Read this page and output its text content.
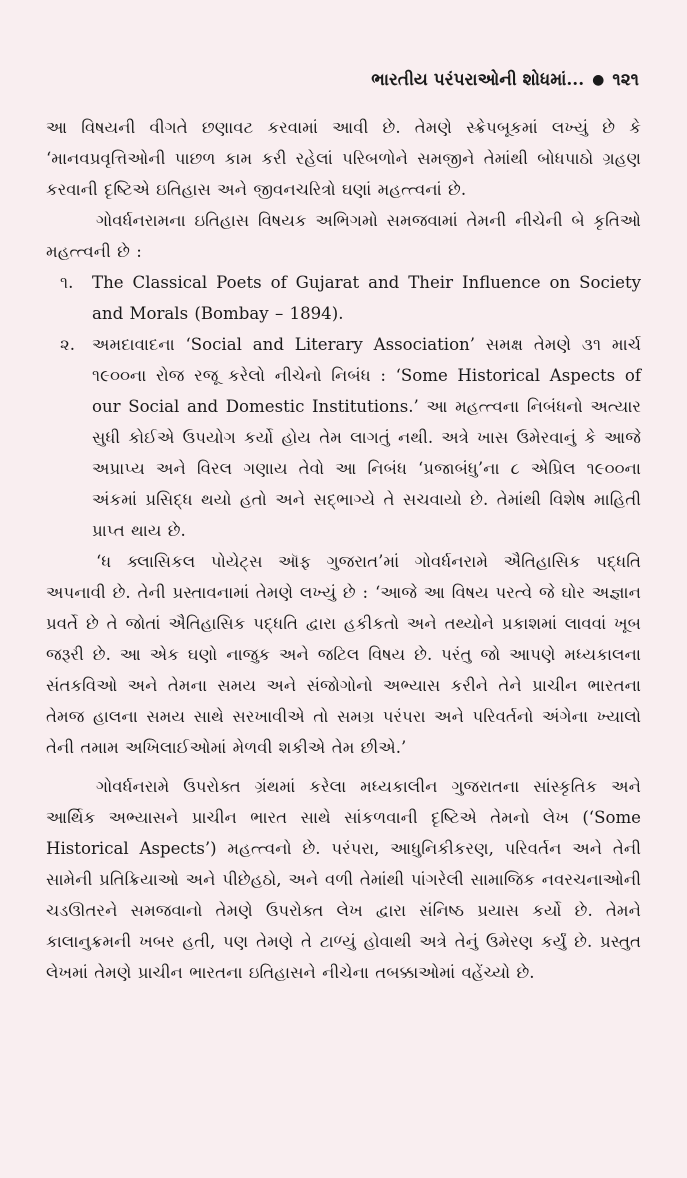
ભારતીય પરંપરાઓની શોધમાં... ● ૧૨૧

આ વિષયની વીગતે છણાવટ કરવામાં આવી છે. તેમણે સ્ક્રેપબૂકમાં લખ્યું છે કે ‘માનવપ્રવૃત્તિઓની પાછળ કામ કરી રહેલાં પરિબળોને સમજીને તેમાંથી બોધપાઠો ગ્રહણ કરવાની દૃષ્ટિએ ઇતિહાસ અને જીવનચરિત્રો ઘણાં મહત્ત્વનાં છે.

ગોવર્ધનરામના ઇતિહાસ વિષયક અભિગમો સમજવામાં તેમની નીચેની બે કૃતિઓ મહત્ત્વની છે :

૧.	The Classical Poets of Gujarat and Their Influence on Society and Morals (Bombay – 1894).
૨.	અમદાવાદના ‘Social and Literary Association’ સમક્ષ તેમણે ૩૧ માર્ચ ૧૯૦૦ના રોજ રજૂ કરેલો નીચેનો નિબંધ : ‘Some Historical Aspects of our Social and Domestic Institutions.’ આ મહત્ત્વના નિબંધનો અત્યાર સુધી કોઈએ ઉપયોગ કર્યો હોય તેમ લાગતું નથી. અત્રે ખાસ ઉમેરવાનું કે આજે અપ્રાપ્ય અને વિરલ ગણાય તેવો આ નિબંધ ‘પ્રજાબંધુ’ના ૮ એપ્રિલ ૧૯૦૦ના અંકમાં પ્રસિદ્ધ થયો હતો અને સદ્ભાગ્યે તે સચવાયો છે. તેમાંથી વિશેષ માહિતી પ્રાપ્ત થાય છે.

‘ધ ક્લાસિકલ પોયેટ્સ ઑફ ગુજરાત’માં ગોવર્ધનરામે ઐતિહાસિક પદ્ધતિ અપનાવી છે. તેની પ્રસ્તાવનામાં તેમણે લખ્યું છે : ‘આજે આ વિષય પરત્વે જે ઘોર અજ્ઞાન પ્રવર્તે છે તે જોતાં ઐતિહાસિક પદ્ધતિ દ્વારા હકીકતો અને તથ્યોને પ્રકાશમાં લાવવાં ખૂબ જરૂરી છે. આ એક ઘણો નાજુક અને જટિલ વિષય છે. પરંતુ જો આપણે મધ્યકાલના સંતકવિઓ અને તેમના સમય અને સંજોગોનો અભ્યાસ કરીને તેને પ્રાચીન ભારતના તેમજ હાલના સમય સાથે સરખાવીએ તો સમગ્ર પરંપરા અને પરિવર્તનો અંગેના ખ્યાલો તેની તમામ અખિલાઈઓમાં મેળવી શકીએ તેમ છીએ.’

ગોવર્ધનરામે ઉપરોક્ત ગ્રંથમાં કરેલા મધ્યકાલીન ગુજરાતના સાંસ્કૃતિક અને આર્થિક અભ્યાસને પ્રાચીન ભારત સાથે સાંકળવાની દૃષ્ટિએ તેમનો લેખ (‘Some Historical Aspects’) મહત્ત્વનો છે. પરંપરા, આધુનિકીકરણ, પરિવર્તન અને તેની સામેની પ્રતિક્રિયાઓ અને પીછેહઠો, અને વળી તેમાંથી પાંગરેલી સામાજિક નવરચનાઓની ચડઊતરને સમજવાનો તેમણે ઉપરોક્ત લેખ દ્વારા સંનિષ્ઠ પ્રયાસ કર્યો છે. તેમને કાલાનુક્રમની ખબર હતી, પણ તેમણે તે ટાળ્યું હોવાથી અત્રે તેનું ઉમેરણ કર્યું છે. પ્રસ્તુત લેખમાં તેમણે પ્રાચીન ભારતના ઇતિહાસને નીચેના તબક્કાઓમાં વહેંચ્યો છે.
